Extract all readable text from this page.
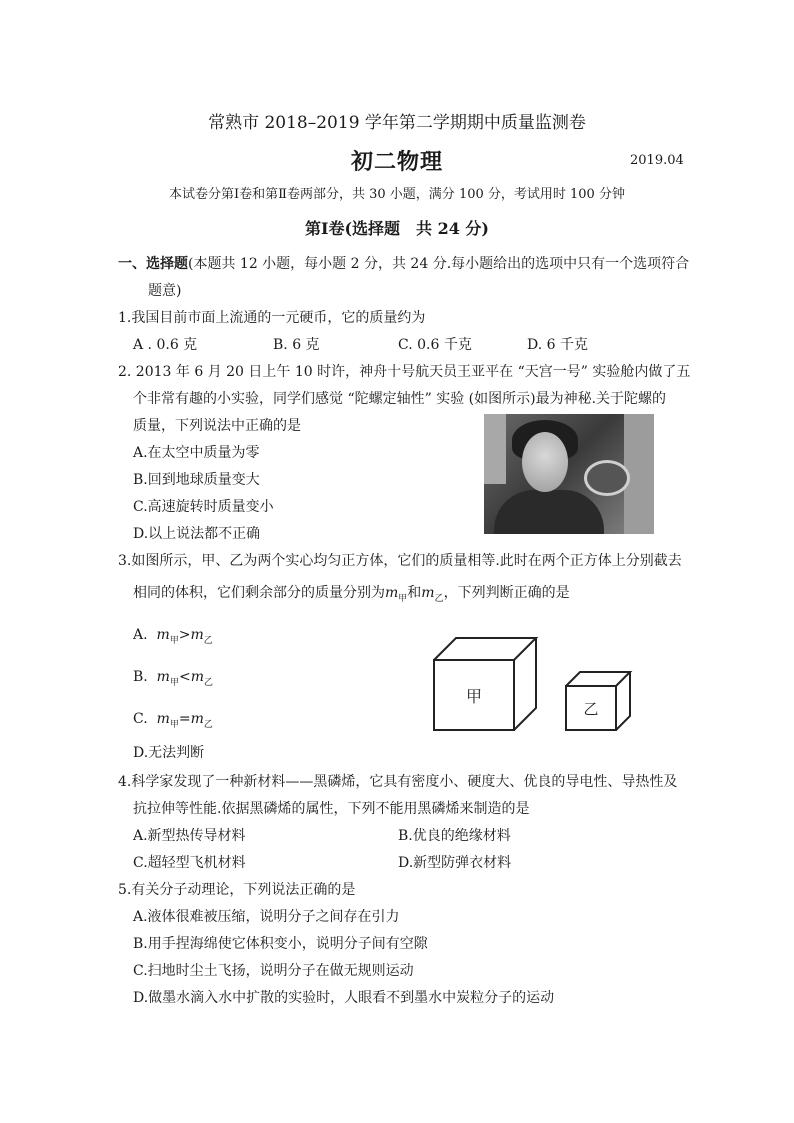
常熟市 2018–2019 学年第二学期期中质量监测卷
初二物理	2019.04
本试卷分第Ⅰ卷和第Ⅱ卷两部分，共 30 小题，满分 100 分，考试用时 100 分钟
第Ⅰ卷(选择题　共 24 分)
一、选择题(本题共 12 小题，每小题 2 分，共 24 分.每小题给出的选项中只有一个选项符合
题意)
1.我国目前市面上流通的一元硬币，它的质量约为
A . 0.6 克	B. 6 克	C. 0.6 千克	D. 6 千克
2. 2013 年 6 月 20 日上午 10 时许，神舟十号航天员王亚平在 “天宫一号” 实验舱内做了五
个非常有趣的小实验，同学们感觉 “陀螺定轴性” 实验 (如图所示)最为神秘.关于陀螺的
质量，下列说法中正确的是
A.在太空中质量为零
B.回到地球质量变大
C.高速旋转时质量变小
D.以上说法都不正确
3.如图所示，甲、乙为两个实心均匀正方体，它们的质量相等.此时在两个正方体上分别截去
相同的体积，它们剩余部分的质量分别为$m_甲$和$m_乙$，下列判断正确的是
A. $m_甲>m_乙$
B. $m_甲<m_乙$
C. $m_甲=m_乙$
D.无法判断
甲
乙
4.科学家发现了一种新材料——黑磷烯，它具有密度小、硬度大、优良的导电性、导热性及
抗拉伸等性能.依据黑磷烯的属性，下列不能用黑磷烯来制造的是
A.新型热传导材料	B.优良的绝缘材料
C.超轻型飞机材料	D.新型防弹衣材料
5.有关分子动理论，下列说法正确的是
A.液体很难被压缩，说明分子之间存在引力
B.用手捏海绵使它体积变小，说明分子间有空隙
C.扫地时尘土飞扬，说明分子在做无规则运动
D.做墨水滴入水中扩散的实验时，人眼看不到墨水中炭粒分子的运动
